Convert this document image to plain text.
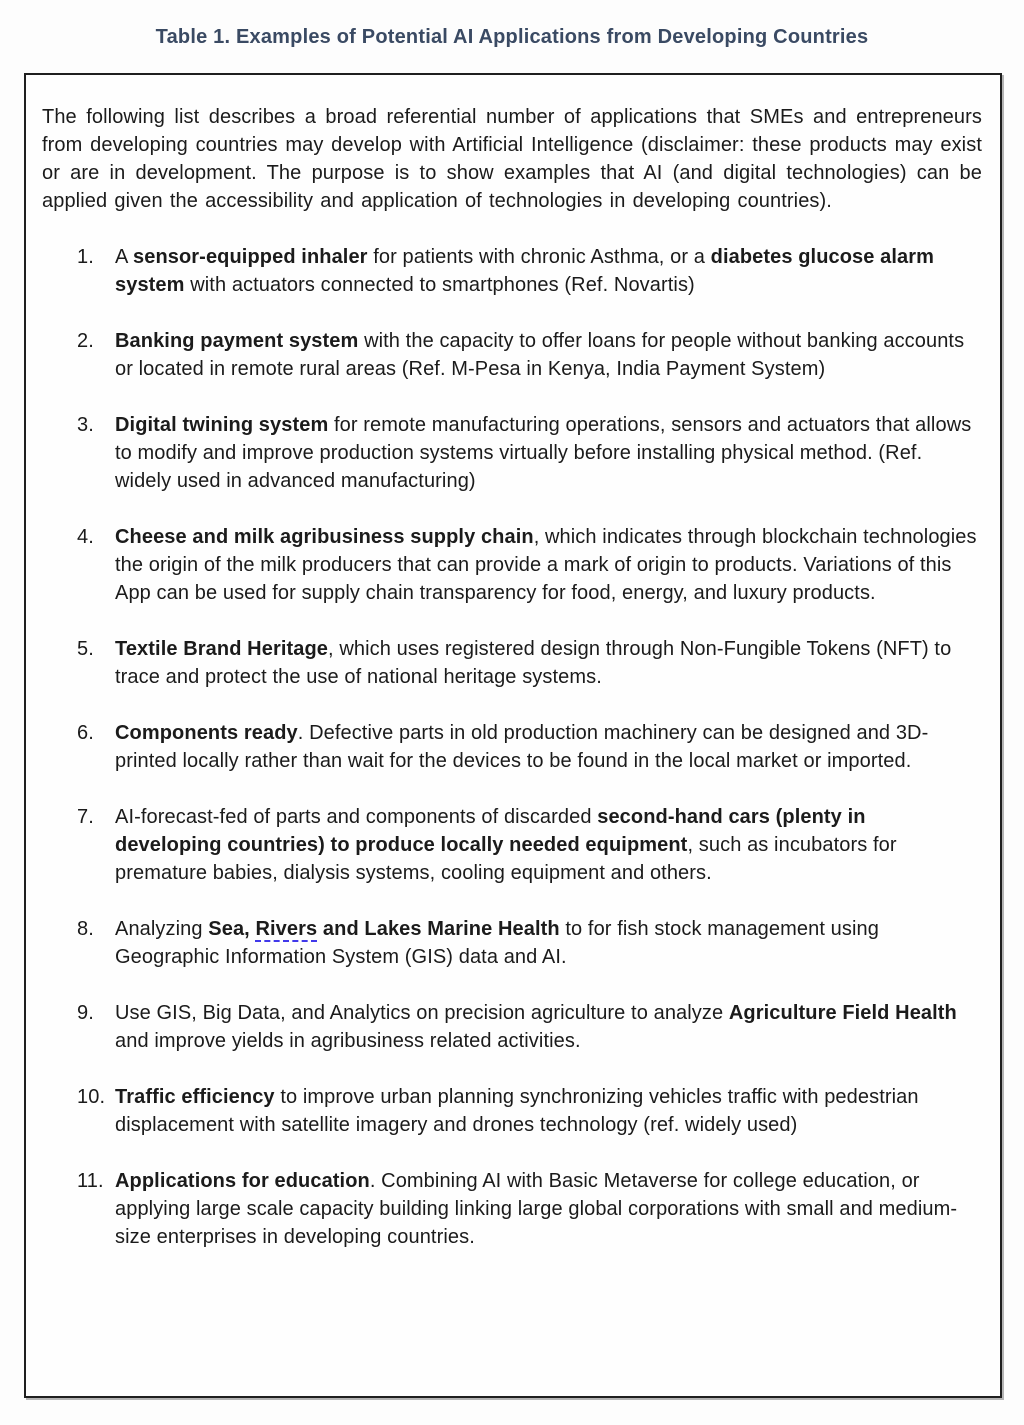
Table 1. Examples of Potential AI Applications from Developing Countries

The following list describes a broad referential number of applications that SMEs and entrepreneurs from developing countries may develop with Artificial Intelligence (disclaimer: these products may exist or are in development. The purpose is to show examples that AI (and digital technologies) can be applied given the accessibility and application of technologies in developing countries).

1.	A sensor-equipped inhaler for patients with chronic Asthma, or a diabetes glucose alarm system with actuators connected to smartphones (Ref. Novartis)
2.	Banking payment system with the capacity to offer loans for people without banking accounts or located in remote rural areas (Ref. M-Pesa in Kenya, India Payment System)
3.	Digital twining system for remote manufacturing operations, sensors and actuators that allows to modify and improve production systems virtually before installing physical method. (Ref. widely used in advanced manufacturing)
4.	Cheese and milk agribusiness supply chain, which indicates through blockchain technologies the origin of the milk producers that can provide a mark of origin to products. Variations of this App can be used for supply chain transparency for food, energy, and luxury products.
5.	Textile Brand Heritage, which uses registered design through Non-Fungible Tokens (NFT) to trace and protect the use of national heritage systems.
6.	Components ready. Defective parts in old production machinery can be designed and 3D-printed locally rather than wait for the devices to be found in the local market or imported.
7.	AI-forecast-fed of parts and components of discarded second-hand cars (plenty in developing countries) to produce locally needed equipment, such as incubators for premature babies, dialysis systems, cooling equipment and others.
8.	Analyzing Sea, Rivers and Lakes Marine Health to for fish stock management using Geographic Information System (GIS) data and AI.
9.	Use GIS, Big Data, and Analytics on precision agriculture to analyze Agriculture Field Health and improve yields in agribusiness related activities.
10. Traffic efficiency to improve urban planning synchronizing vehicles traffic with pedestrian displacement with satellite imagery and drones technology (ref. widely used)
11. Applications for education. Combining AI with Basic Metaverse for college education, or applying large scale capacity building linking large global corporations with small and medium-size enterprises in developing countries.
